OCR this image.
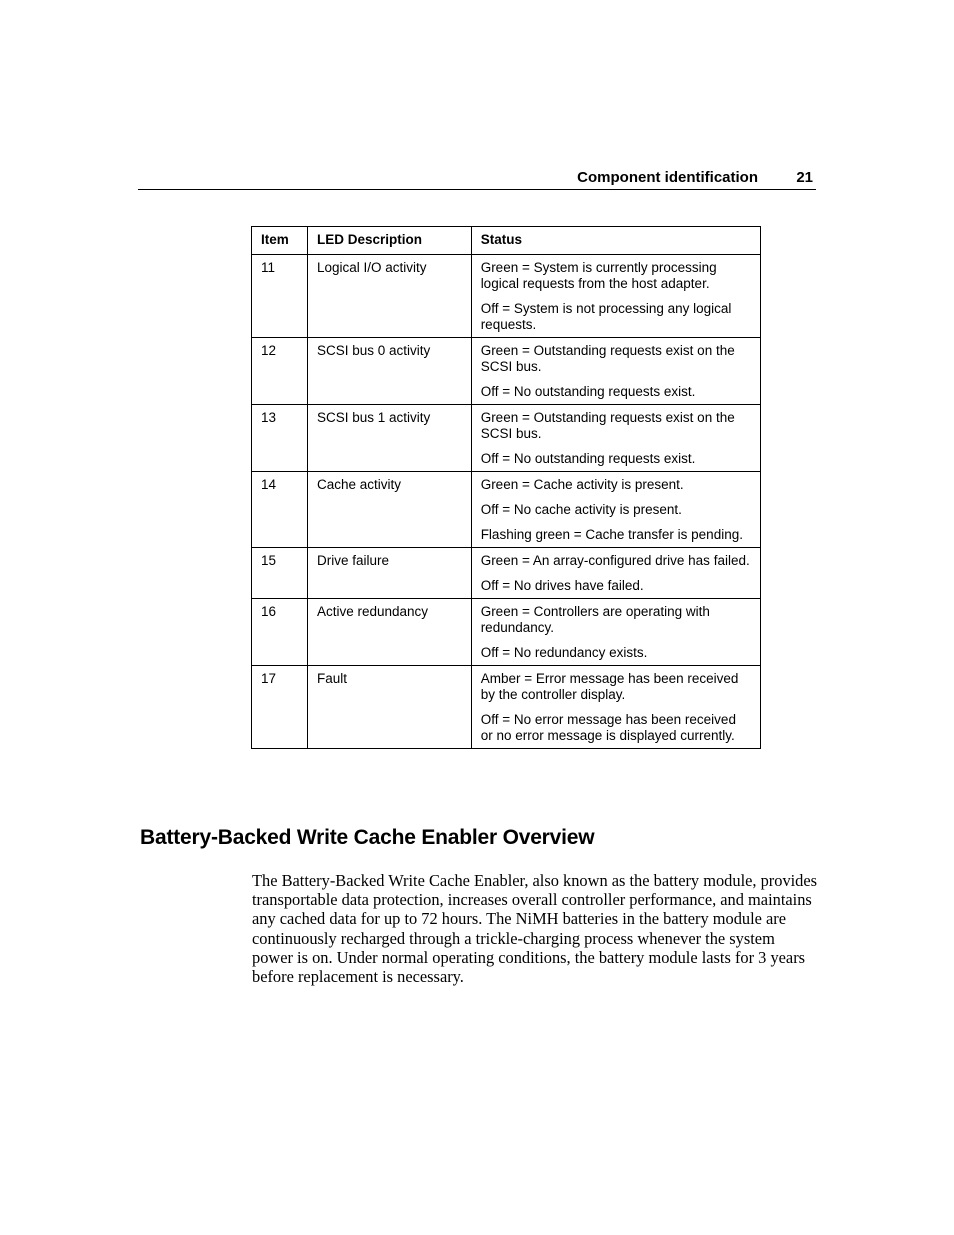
Component identification	21
Item	LED Description	Status
11	Logical I/O activity	Green = System is currently processing logical requests from the host adapter.
Off = System is not processing any logical requests.

12	SCSI bus 0 activity	Green = Outstanding requests exist on the SCSI bus.
Off = No outstanding requests exist.

13	SCSI bus 1 activity	Green = Outstanding requests exist on the SCSI bus.
Off = No outstanding requests exist.

14	Cache activity	Green = Cache activity is present.
Off = No cache activity is present.
Flashing green = Cache transfer is pending.

15	Drive failure	Green = An array-configured drive has failed.
Off = No drives have failed.

16	Active redundancy	Green = Controllers are operating with redundancy.
Off = No redundancy exists.

17	Fault	Amber = Error message has been received by the controller display.
Off = No error message has been received or no error message is displayed currently.
Battery-Backed Write Cache Enabler Overview

The Battery-Backed Write Cache Enabler, also known as the battery module, provides transportable data protection, increases overall controller performance, and maintains any cached data for up to 72 hours. The NiMH batteries in the battery module are continuously recharged through a trickle-charging process whenever the system power is on. Under normal operating conditions, the battery module lasts for 3 years before replacement is necessary.
